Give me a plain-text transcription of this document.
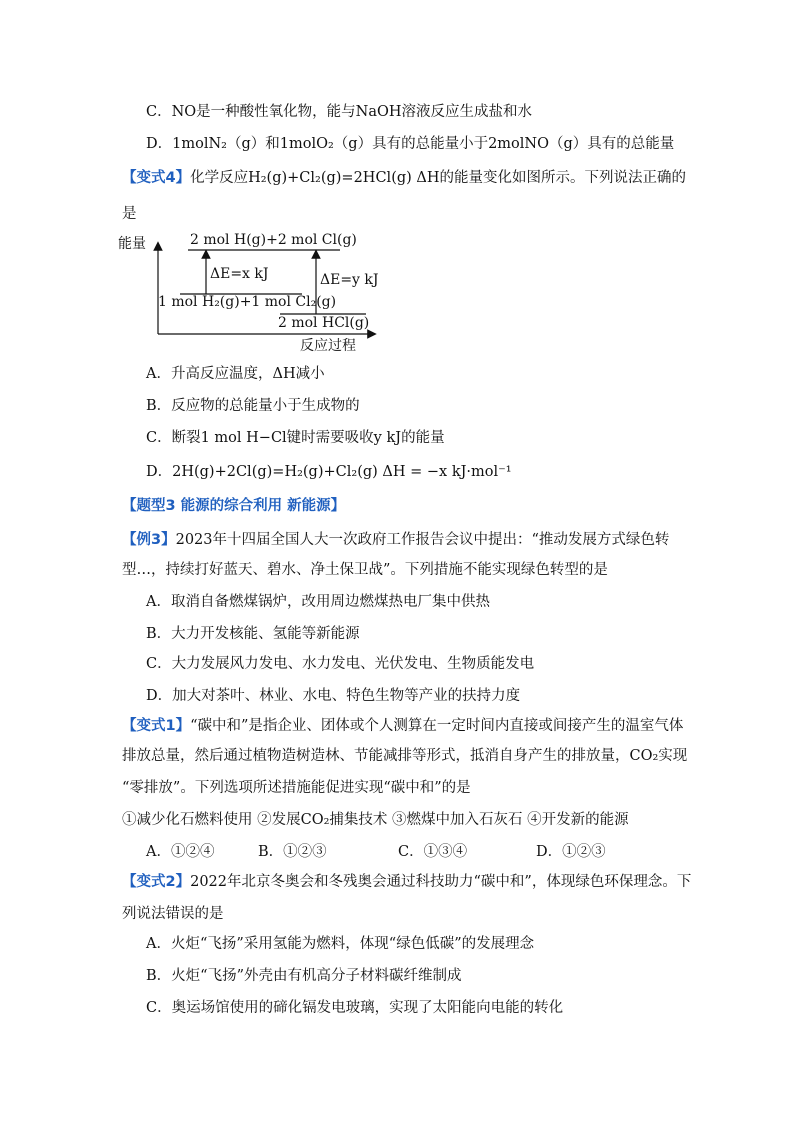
C．NO是一种酸性氧化物，能与NaOH溶液反应生成盐和水
D．1molN₂（g）和1molO₂（g）具有的总能量小于2molNO（g）具有的总能量
【变式4】化学反应H₂(g)+Cl₂(g)=2HCl(g) ΔH的能量变化如图所示。下列说法正确的
是
能量	2 mol H(g)+2 mol Cl(g)
ΔE=x kJ	ΔE=y kJ
1 mol H₂(g)+1 mol Cl₂(g)
2 mol HCl(g)
反应过程
A．升高反应温度，ΔH减小
B．反应物的总能量小于生成物的
C．断裂1 mol H−Cl键时需要吸收y kJ的能量
D．2H(g)+2Cl(g)=H₂(g)+Cl₂(g) ΔH = −x kJ·mol⁻¹
【题型3 能源的综合利用 新能源】
【例3】2023年十四届全国人大一次政府工作报告会议中提出：“推动发展方式绿色转
型…，持续打好蓝天、碧水、净土保卫战”。下列措施不能实现绿色转型的是
A．取消自备燃煤锅炉，改用周边燃煤热电厂集中供热
B．大力开发核能、氢能等新能源
C．大力发展风力发电、水力发电、光伏发电、生物质能发电
D．加大对茶叶、林业、水电、特色生物等产业的扶持力度
【变式1】“碳中和”是指企业、团体或个人测算在一定时间内直接或间接产生的温室气体
排放总量，然后通过植物造树造林、节能减排等形式，抵消自身产生的排放量，CO₂实现
“零排放”。下列选项所述措施能促进实现“碳中和”的是
①减少化石燃料使用 ②发展CO₂捕集技术 ③燃煤中加入石灰石 ④开发新的能源
A．①②④	B．①②③	C．①③④	D．①②③
【变式2】2022年北京冬奥会和冬残奥会通过科技助力“碳中和”，体现绿色环保理念。下
列说法错误的是
A．火炬“飞扬”采用氢能为燃料，体现“绿色低碳”的发展理念
B．火炬“飞扬”外壳由有机高分子材料碳纤维制成
C．奥运场馆使用的碲化镉发电玻璃，实现了太阳能向电能的转化
